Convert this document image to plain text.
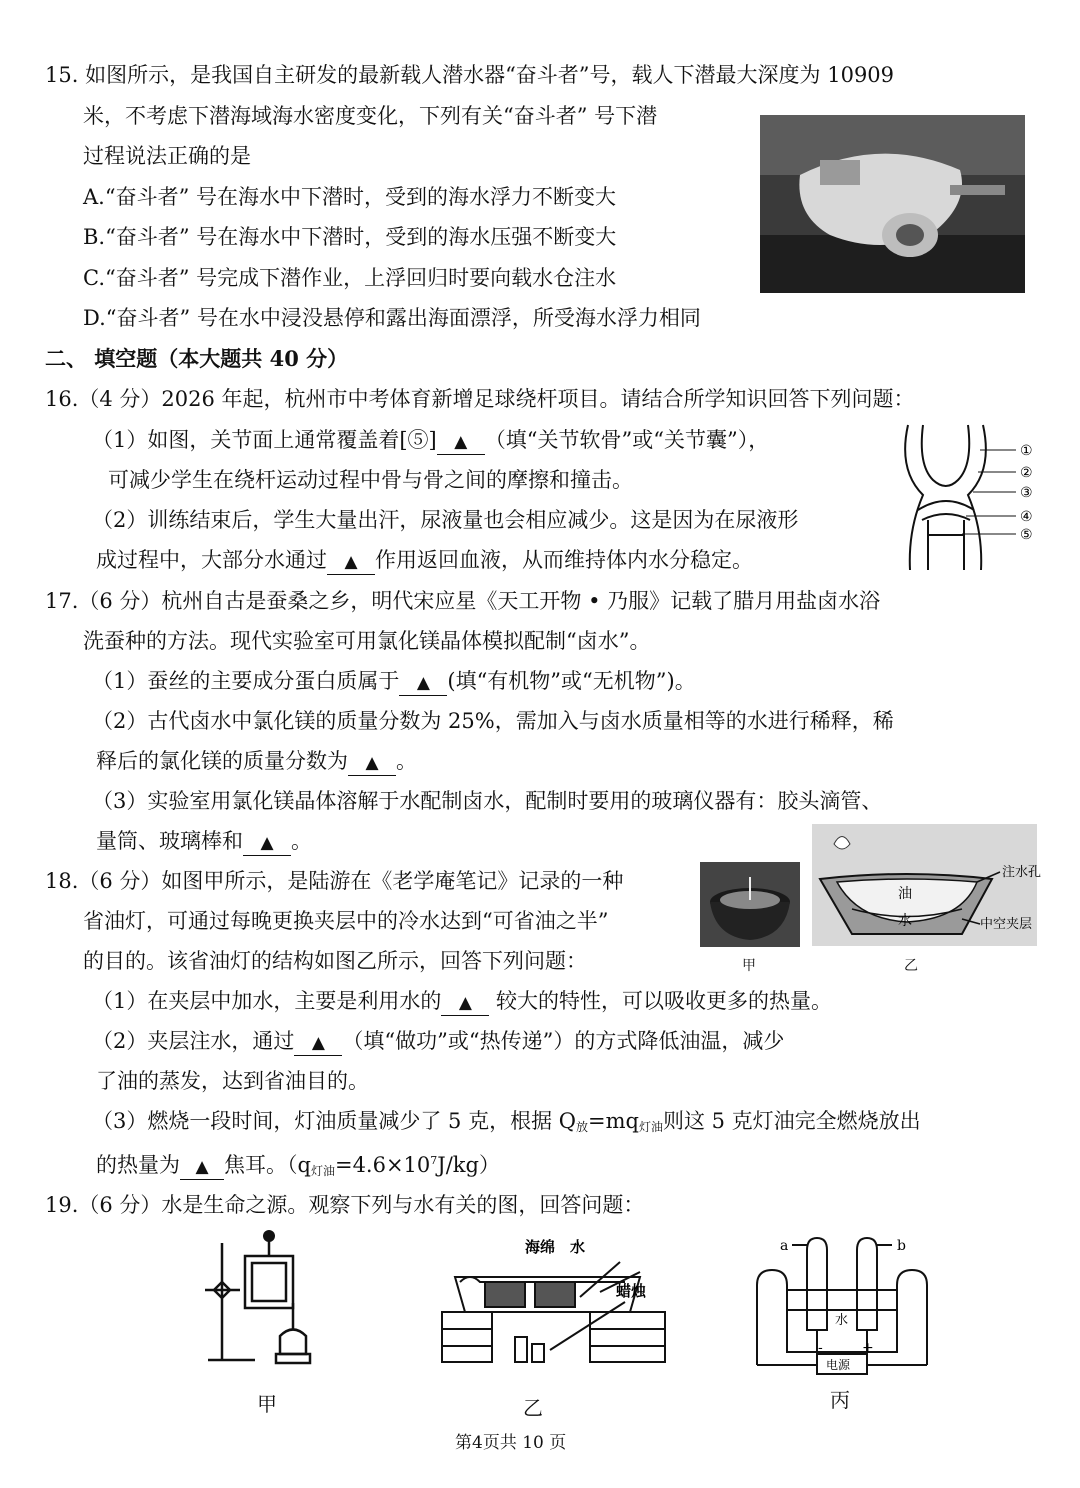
15. 如图所示，是我国自主研发的最新载人潜水器“奋斗者”号，载人下潜最大深度为 10909
米，不考虑下潜海域海水密度变化，下列有关“奋斗者” 号下潜
过程说法正确的是
A.“奋斗者” 号在海水中下潜时，受到的海水浮力不断变大
B.“奋斗者” 号在海水中下潜时，受到的海水压强不断变大
C.“奋斗者” 号完成下潜作业，上浮回归时要向载水仓注水
D.“奋斗者” 号在水中浸没悬停和露出海面漂浮，所受海水浮力相同
二、 填空题（本大题共 40 分）
16.（4 分）2026 年起，杭州市中考体育新增足球绕杆项目。请结合所学知识回答下列问题：
（1）如图，关节面上通常覆盖着[⑤] ▲ （填“关节软骨”或“关节囊”），
可减少学生在绕杆运动过程中骨与骨之间的摩擦和撞击。
（2）训练结束后，学生大量出汗，尿液量也会相应减少。这是因为在尿液形
成过程中，大部分水通过 ▲ 作用返回血液，从而维持体内水分稳定。
①
②
③
④
⑤
17.（6 分）杭州自古是蚕桑之乡，明代宋应星《天工开物 • 乃服》记载了腊月用盐卤水浴
洗蚕种的方法。现代实验室可用氯化镁晶体模拟配制“卤水”。
（1）蚕丝的主要成分蛋白质属于 ▲ (填“有机物”或“无机物”)。
（2）古代卤水中氯化镁的质量分数为 25%，需加入与卤水质量相等的水进行稀释，稀
释后的氯化镁的质量分数为 ▲ 。
（3）实验室用氯化镁晶体溶解于水配制卤水，配制时要用的玻璃仪器有：胶头滴管、
量筒、玻璃棒和 ▲ 。
18.（6 分）如图甲所示，是陆游在《老学庵笔记》记录的一种
省油灯，可通过每晚更换夹层中的冷水达到“可省油之半”
的目的。该省油灯的结构如图乙所示，回答下列问题：	甲
油
水
注水孔
中空夹层
乙
（1）在夹层中加水，主要是利用水的 ▲ 较大的特性，可以吸收更多的热量。
（2）夹层注水，通过 ▲ （填“做功”或“热传递”）的方式降低油温，减少
了油的蒸发，达到省油目的。
（3）燃烧一段时间，灯油质量减少了 5 克，根据 $Q_放=mq_{灯油}$则这 5 克灯油完全燃烧放出
的热量为 ▲ 焦耳。$(q_{灯油}=4.6\times 10^7J/kg)$
19.（6 分）水是生命之源。观察下列与水有关的图，回答问题：
甲
海绵 水
蜡烛
乙
a	b
水
电源
-	+
丙
第4页共 10 页
